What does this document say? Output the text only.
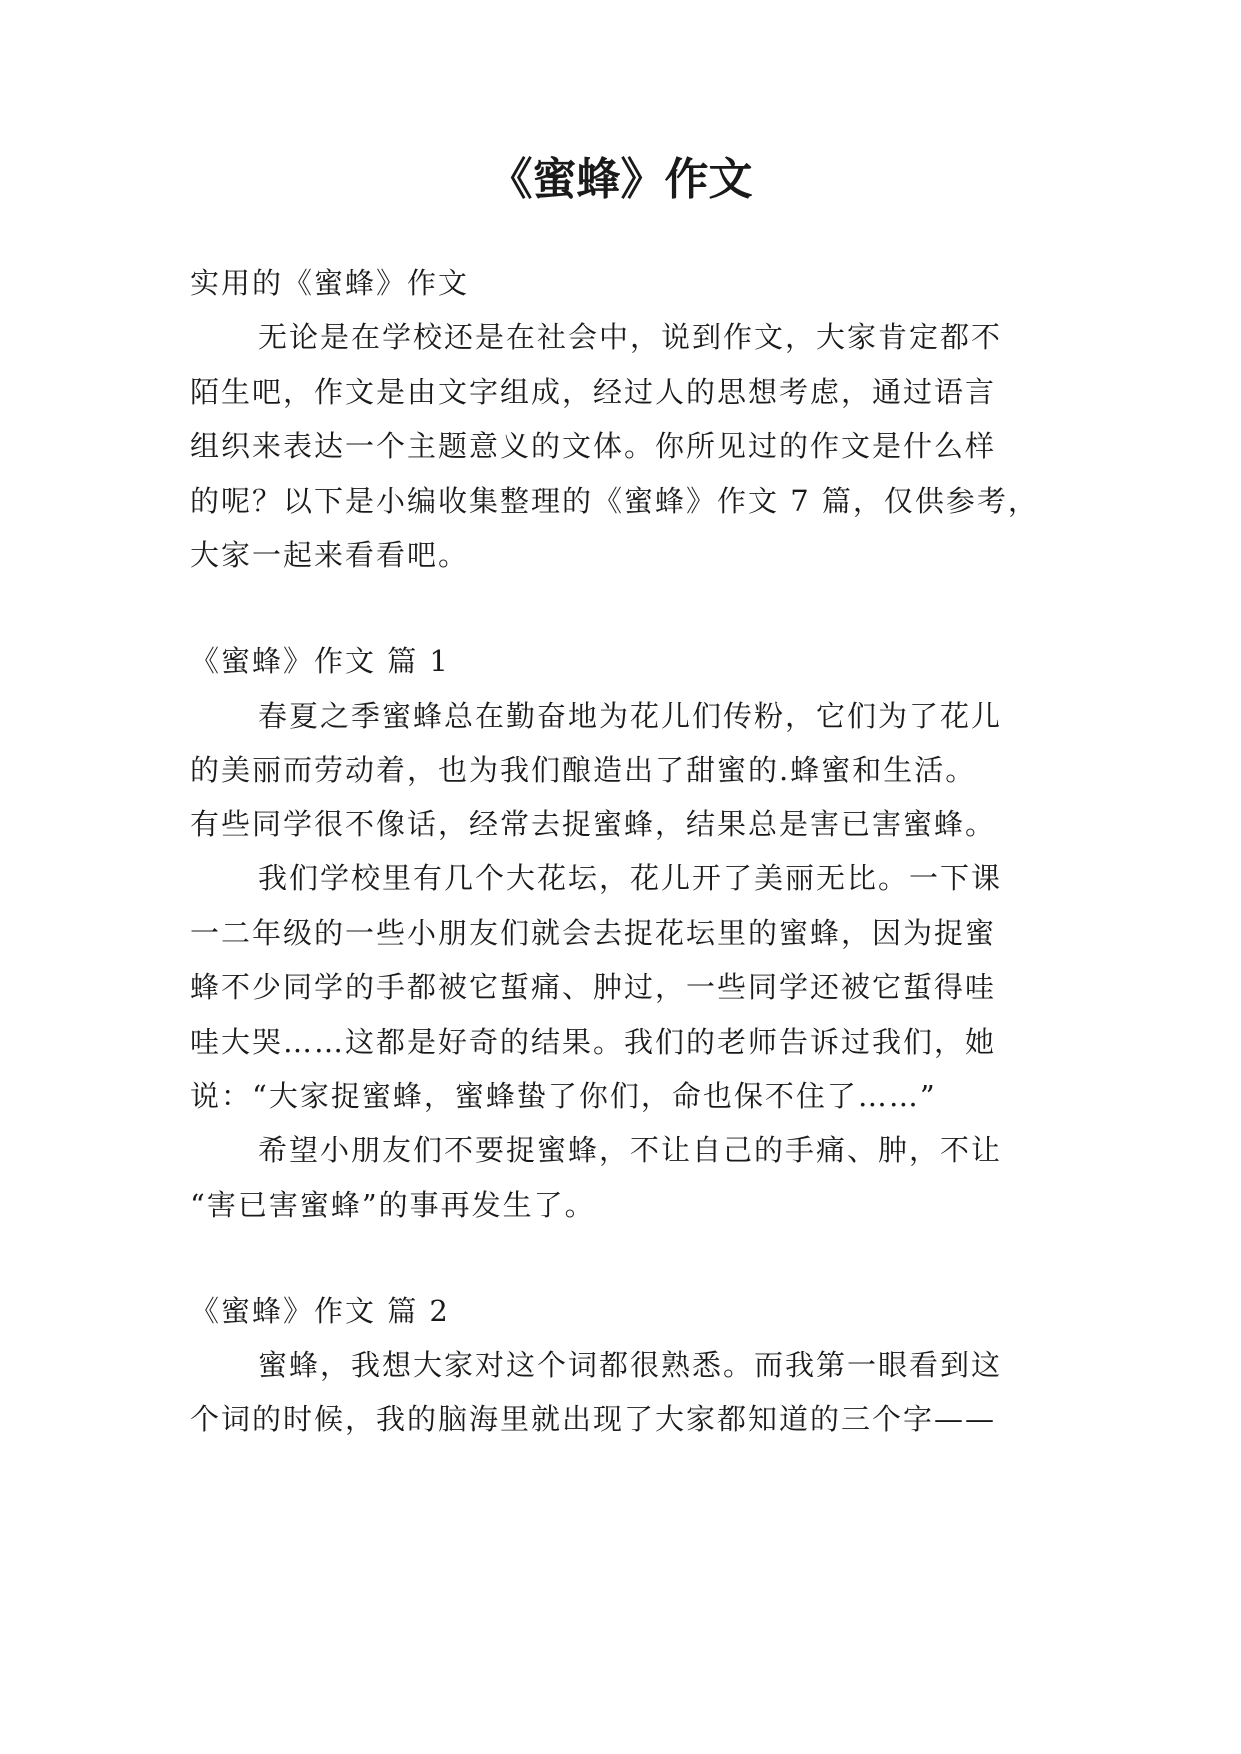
《蜜蜂》作文

实用的《蜜蜂》作文

无论是在学校还是在社会中，说到作文，大家肯定都不

陌生吧，作文是由文字组成，经过人的思想考虑，通过语言

组织来表达一个主题意义的文体。你所见过的作文是什么样

的呢？以下是小编收集整理的《蜜蜂》作文 7 篇，仅供参考，

大家一起来看看吧。

《蜜蜂》作文 篇 1

春夏之季蜜蜂总在勤奋地为花儿们传粉，它们为了花儿

的美丽而劳动着，也为我们酿造出了甜蜜的.蜂蜜和生活。

有些同学很不像话，经常去捉蜜蜂，结果总是害已害蜜蜂。

我们学校里有几个大花坛，花儿开了美丽无比。一下课

一二年级的一些小朋友们就会去捉花坛里的蜜蜂，因为捉蜜

蜂不少同学的手都被它蜇痛、肿过，一些同学还被它蜇得哇

哇大哭……这都是好奇的结果。我们的老师告诉过我们，她

说：“大家捉蜜蜂，蜜蜂蛰了你们，命也保不住了……”

希望小朋友们不要捉蜜蜂，不让自己的手痛、肿，不让

“害已害蜜蜂”的事再发生了。

《蜜蜂》作文 篇 2

蜜蜂，我想大家对这个词都很熟悉。而我第一眼看到这

个词的时候，我的脑海里就出现了大家都知道的三个字——
